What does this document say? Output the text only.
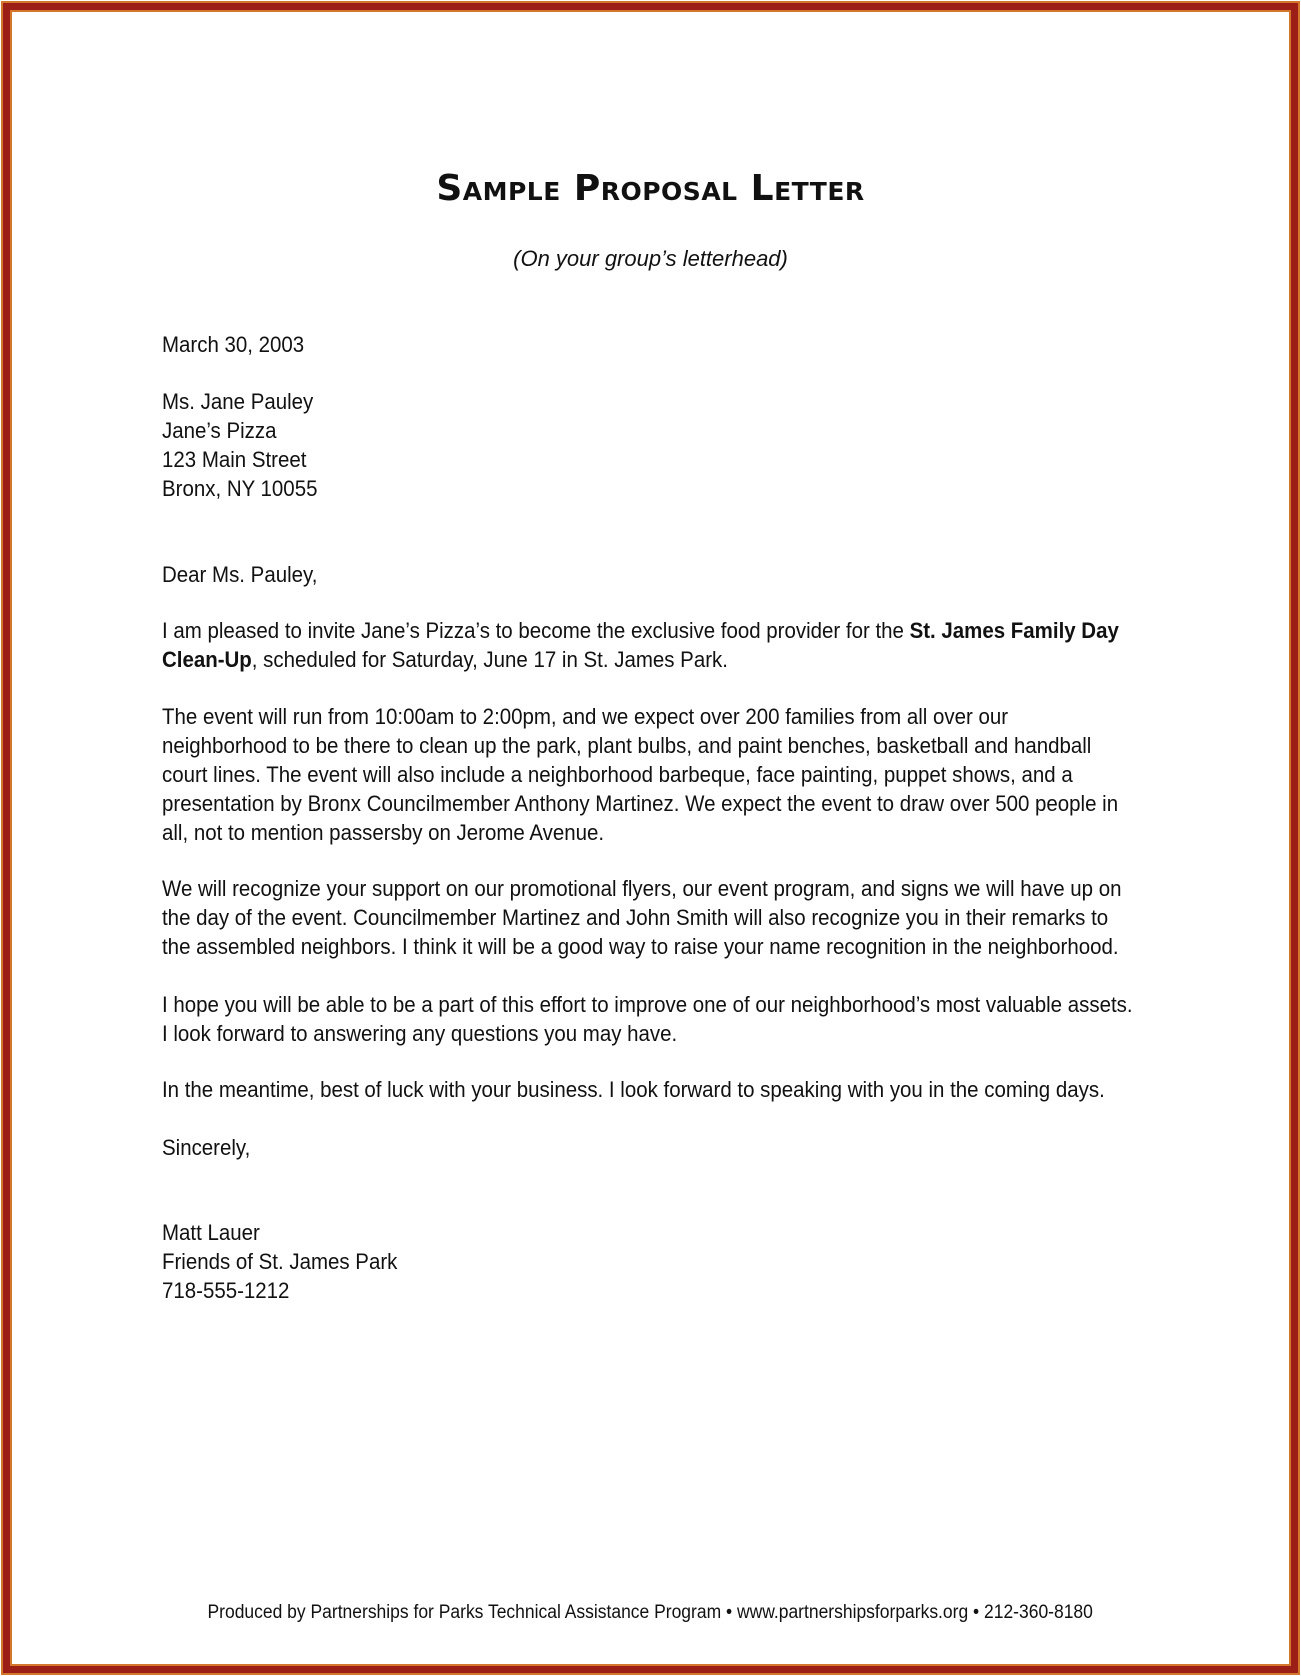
Sample Proposal Letter
(On your group’s letterhead)
March 30, 2003
Ms. Jane Pauley
Jane’s Pizza
123 Main Street
Bronx, NY 10055
Dear Ms. Pauley,
I am pleased to invite Jane’s Pizza’s to become the exclusive food provider for the St. James Family Day
Clean-Up, scheduled for Saturday, June 17 in St. James Park.
The event will run from 10:00am to 2:00pm, and we expect over 200 families from all over our
neighborhood to be there to clean up the park, plant bulbs, and paint benches, basketball and handball
court lines. The event will also include a neighborhood barbeque, face painting, puppet shows, and a
presentation by Bronx Councilmember Anthony Martinez. We expect the event to draw over 500 people in
all, not to mention passersby on Jerome Avenue.
We will recognize your support on our promotional flyers, our event program, and signs we will have up on
the day of the event. Councilmember Martinez and John Smith will also recognize you in their remarks to
the assembled neighbors. I think it will be a good way to raise your name recognition in the neighborhood.
I hope you will be able to be a part of this effort to improve one of our neighborhood’s most valuable assets.
I look forward to answering any questions you may have.
In the meantime, best of luck with your business. I look forward to speaking with you in the coming days.
Sincerely,
Matt Lauer
Friends of St. James Park
718-555-1212
Produced by Partnerships for Parks Technical Assistance Program • www.partnershipsforparks.org • 212-360-8180
